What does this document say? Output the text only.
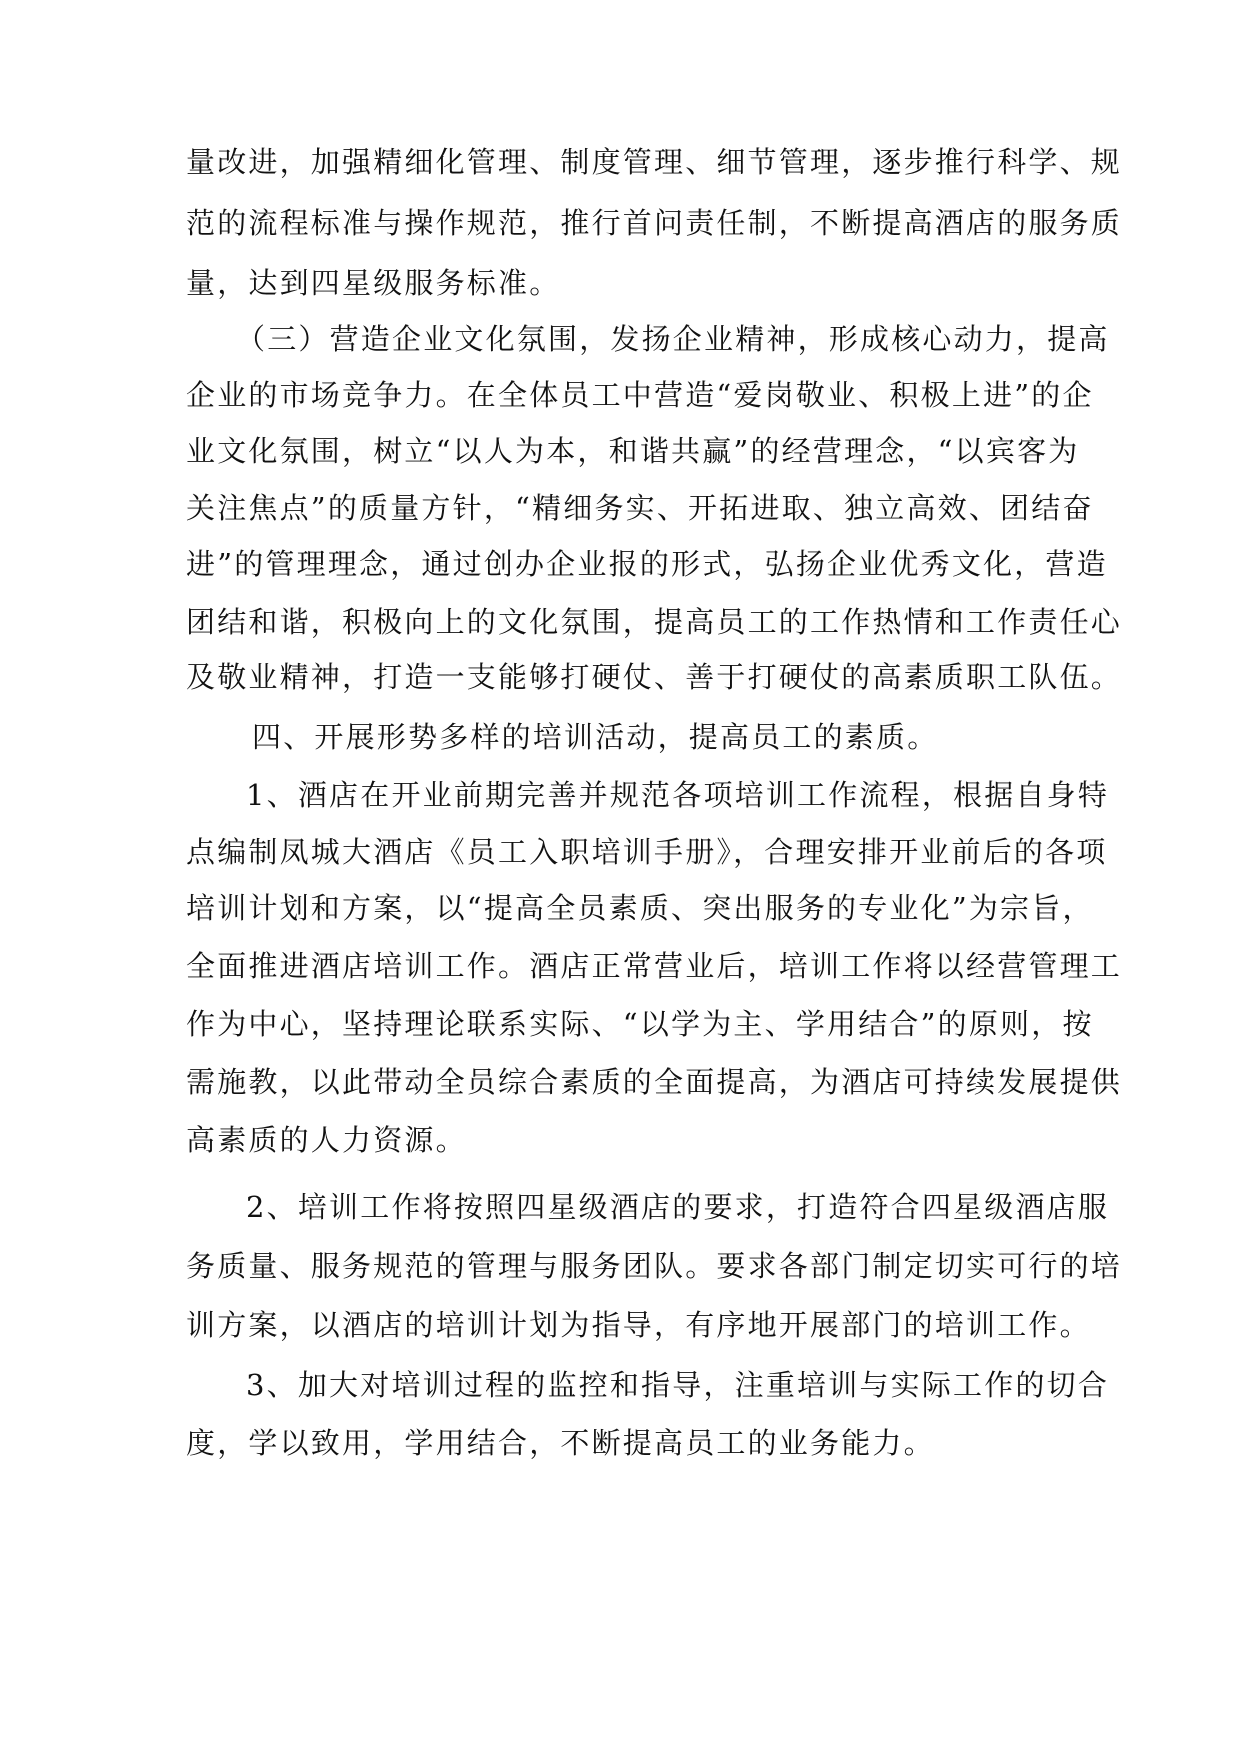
量改进，加强精细化管理、制度管理、细节管理，逐步推行科学、规
范的流程标准与操作规范，推行首问责任制，不断提高酒店的服务质
量，达到四星级服务标准。
（三）营造企业文化氛围，发扬企业精神，形成核心动力，提高
企业的市场竞争力。在全体员工中营造“爱岗敬业、积极上进”的企
业文化氛围，树立“以人为本，和谐共赢”的经营理念，“以宾客为
关注焦点”的质量方针，“精细务实、开拓进取、独立高效、团结奋
进”的管理理念，通过创办企业报的形式，弘扬企业优秀文化，营造
团结和谐，积极向上的文化氛围，提高员工的工作热情和工作责任心
及敬业精神，打造一支能够打硬仗、善于打硬仗的高素质职工队伍。
四、开展形势多样的培训活动，提高员工的素质。
1、酒店在开业前期完善并规范各项培训工作流程，根据自身特
点编制凤城大酒店《员工入职培训手册》，合理安排开业前后的各项
培训计划和方案，以“提高全员素质、突出服务的专业化”为宗旨，
全面推进酒店培训工作。酒店正常营业后，培训工作将以经营管理工
作为中心，坚持理论联系实际、“以学为主、学用结合”的原则，按
需施教，以此带动全员综合素质的全面提高，为酒店可持续发展提供
高素质的人力资源。
2、培训工作将按照四星级酒店的要求，打造符合四星级酒店服
务质量、服务规范的管理与服务团队。要求各部门制定切实可行的培
训方案，以酒店的培训计划为指导，有序地开展部门的培训工作。
3、加大对培训过程的监控和指导，注重培训与实际工作的切合
度，学以致用，学用结合，不断提高员工的业务能力。
